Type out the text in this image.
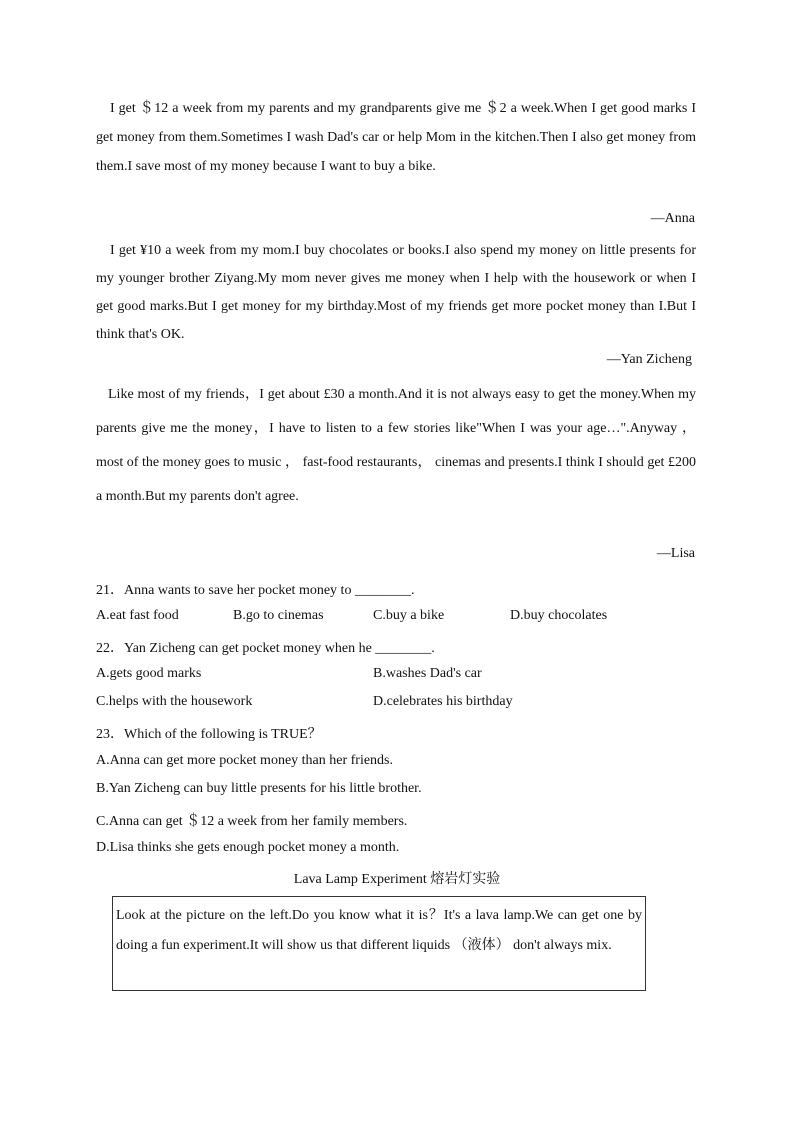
I get ＄12 a week from my parents and my grandparents give me ＄2 a week.When I get good marks I get money from them.Sometimes I wash Dad's car or help Mom in the kitchen.Then I also get money from them.I save most of my money because I want to buy a bike.

—Anna

I get ¥10 a week from my mom.I buy chocolates or books.I also spend my money on little presents for my younger brother Ziyang.My mom never gives me money when I help with the housework or when I get good marks.But I get money for my birthday.Most of my friends get more pocket money than I.But I think that's OK.

—Yan Zicheng

Like most of my friends，I get about £30 a month.And it is not always easy to get the money.When my parents give me the money，I have to listen to a few stories like"When I was your age…".Anyway ， most of the money goes to music ， fast-food restaurants， cinemas and presents.I think I should get £200 a month.But my parents don't agree.

—Lisa

21．Anna wants to save her pocket money to ________.

A.eat fast food	B.go to cinemas	C.buy a bike	D.buy chocolates

22．Yan Zicheng can get pocket money when he ________.

A.gets good marks	B.washes Dad's car

C.helps with the housework	D.celebrates his birthday

23．Which of the following is TRUE？

A.Anna can get more pocket money than her friends.

B.Yan Zicheng can buy little presents for his little brother.

C.Anna can get ＄12 a week from her family members.

D.Lisa thinks she gets enough pocket money a month.

Lava Lamp Experiment 熔岩灯实验

Look at the picture on the left.Do you know what it is？It's a lava lamp.We can get one by doing a fun experiment.It will show us that different liquids （液体） don't always mix.
